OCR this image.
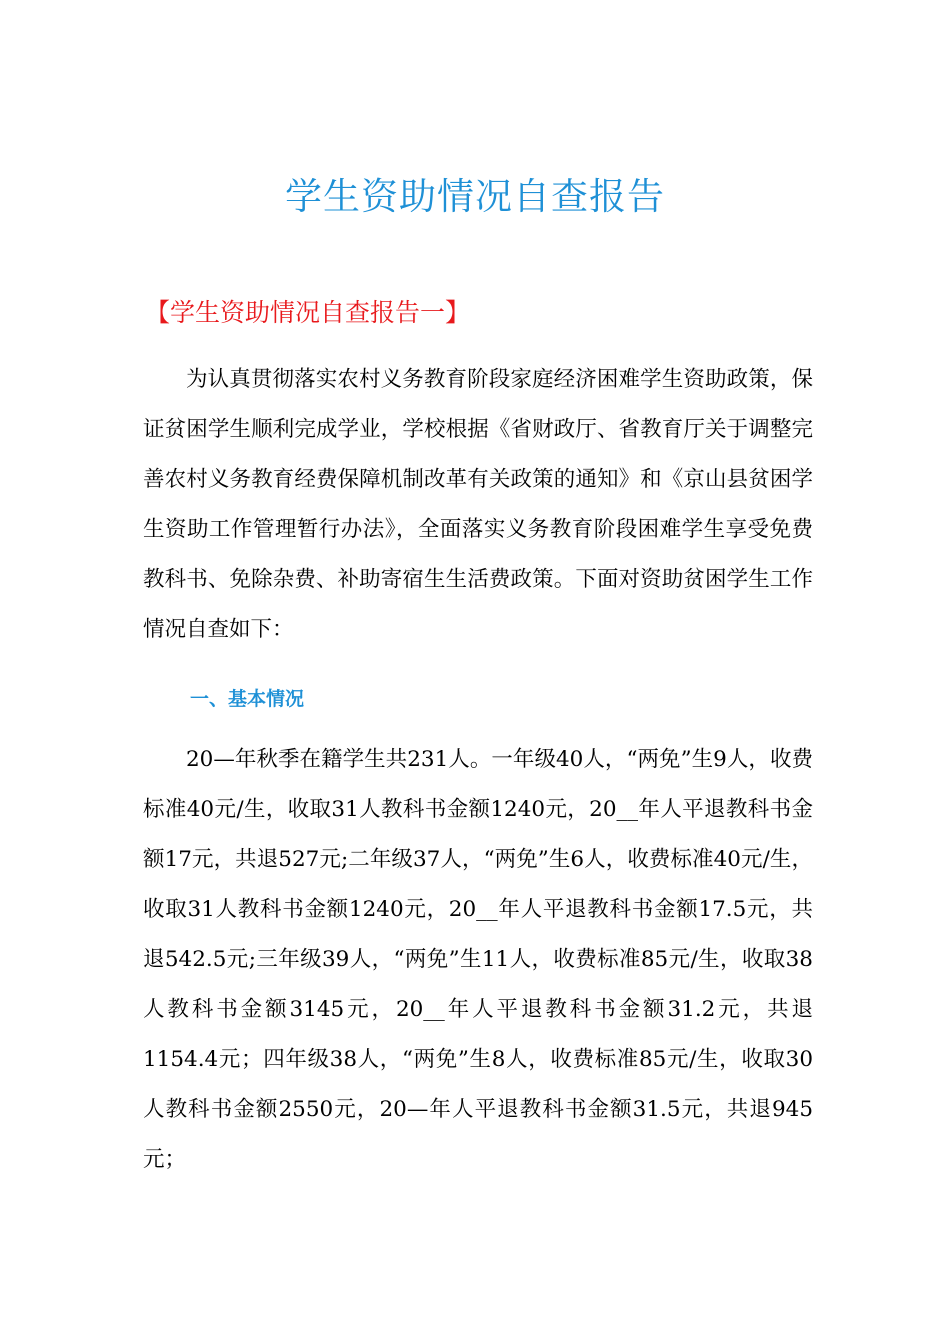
学生资助情况自查报告
【学生资助情况自查报告一】
为认真贯彻落实农村义务教育阶段家庭经济困难学生资助政策，保证贫困学生顺利完成学业，学校根据《省财政厅、省教育厅关于调整完善农村义务教育经费保障机制改革有关政策的通知》和《京山县贫困学生资助工作管理暂行办法》，全面落实义务教育阶段困难学生享受免费教科书、免除杂费、补助寄宿生生活费政策。下面对资助贫困学生工作情况自查如下：
一、基本情况
20—年秋季在籍学生共231人。一年级40人，“两免”生9人，收费标准40元/生，收取31人教科书金额1240元，20__年人平退教科书金额17元，共退527元;二年级37人，“两免”生6人，收费标准40元/生，收取31人教科书金额1240元，20__年人平退教科书金额17.5元，共退542.5元;三年级39人，“两免”生11人，收费标准85元/生，收取38人教科书金额3145元，20__年人平退教科书金额31.2元，共退1154.4元；四年级38人，“两免”生8人，收费标准85元/生，收取30人教科书金额2550元，20—年人平退教科书金额31.5元，共退945元；
